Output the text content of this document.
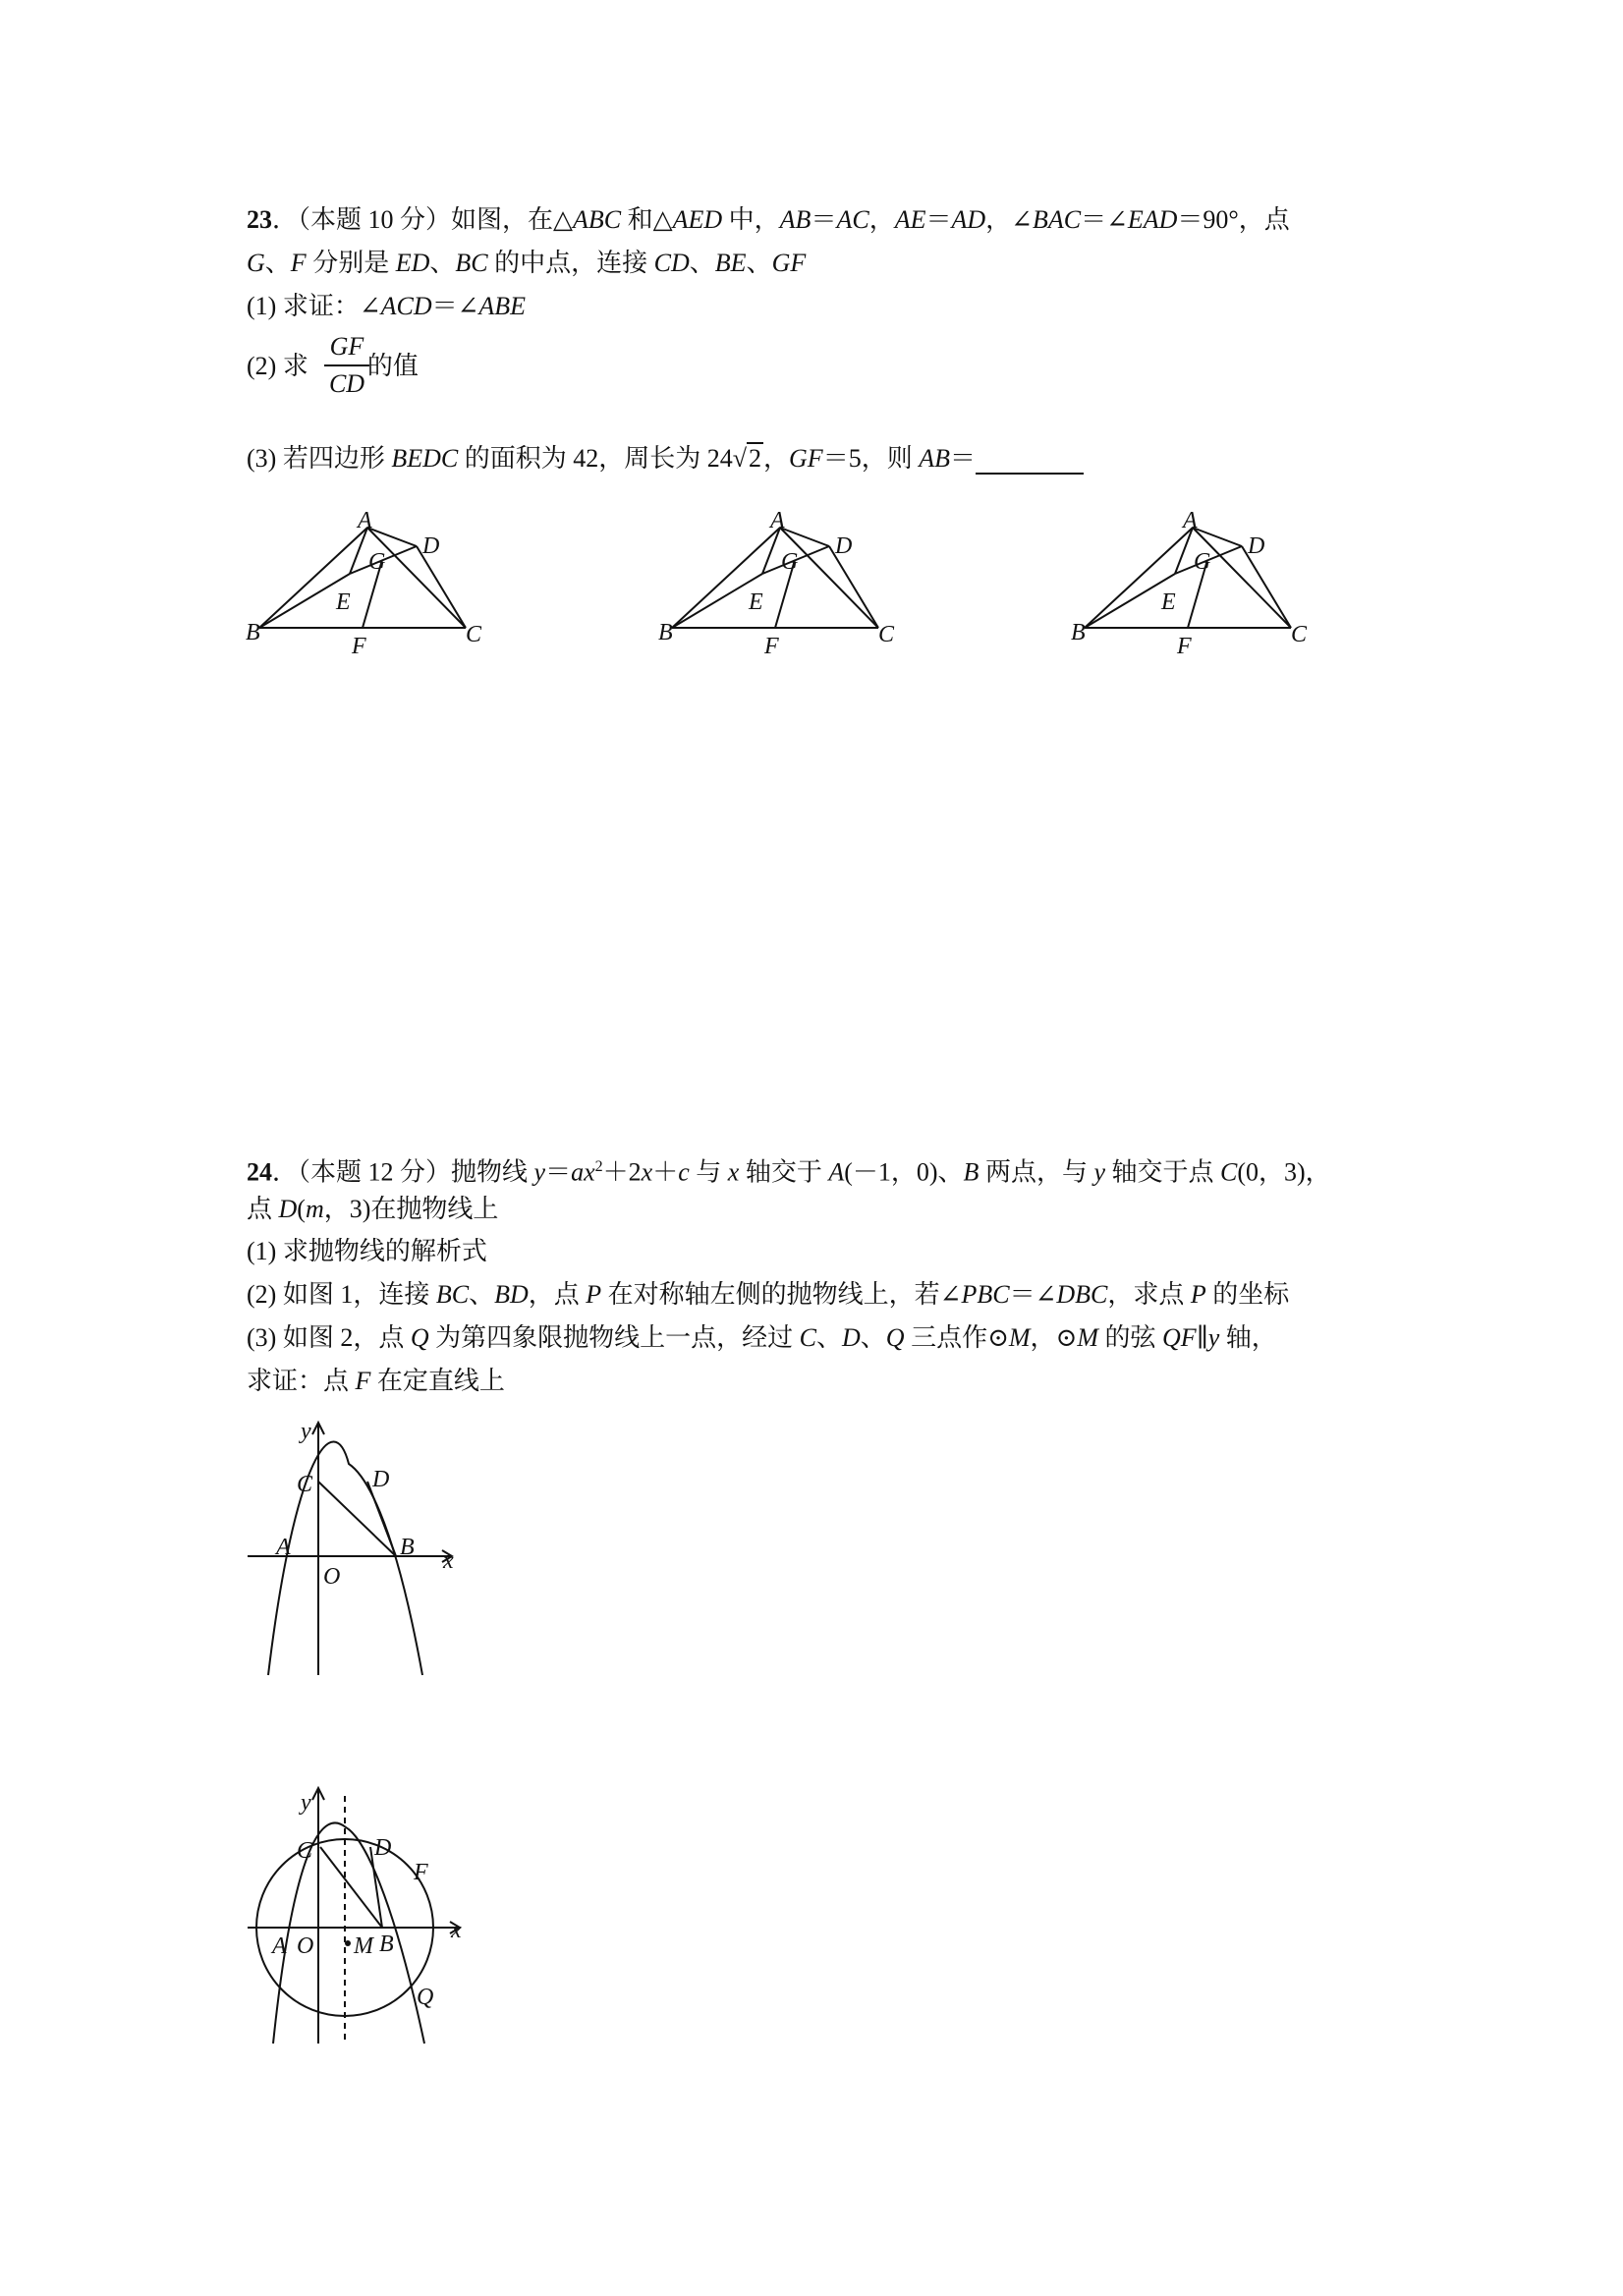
23．（本题 10 分）如图，在△ABC 和△AED 中，AB＝AC，AE＝AD，∠BAC＝∠EAD＝90°，点
G、F 分别是 ED、BC 的中点，连接 CD、BE、GF
(1) 求证：∠ACD＝∠ABE
(2) 求 的值
GF
CD
(3) 若四边形 BEDC 的面积为 42，周长为 24√2，GF＝5，则 AB＝
A
D
G
E
B	C
F
A
D
G
E
B	C
F
A
D
G
E
B	C
F
24．（本题 12 分）抛物线 $y=ax^2+2x+c$ 与 x 轴交于 A(－1，0)、B 两点，与 y 轴交于点 C(0，3)，
点 D(m，3)在抛物线上
(1) 求抛物线的解析式
(2) 如图 1，连接 BC、BD，点 P 在对称轴左侧的抛物线上，若∠PBC＝∠DBC，求点 P 的坐标
(3) 如图 2，点 Q 为第四象限抛物线上一点，经过 C、D、Q 三点作⊙M，⊙M 的弦 QF∥y 轴，
求证：点 F 在定直线上
y
C	D
A	B
x
O
y
C	D
F
x
A O M B
Q
